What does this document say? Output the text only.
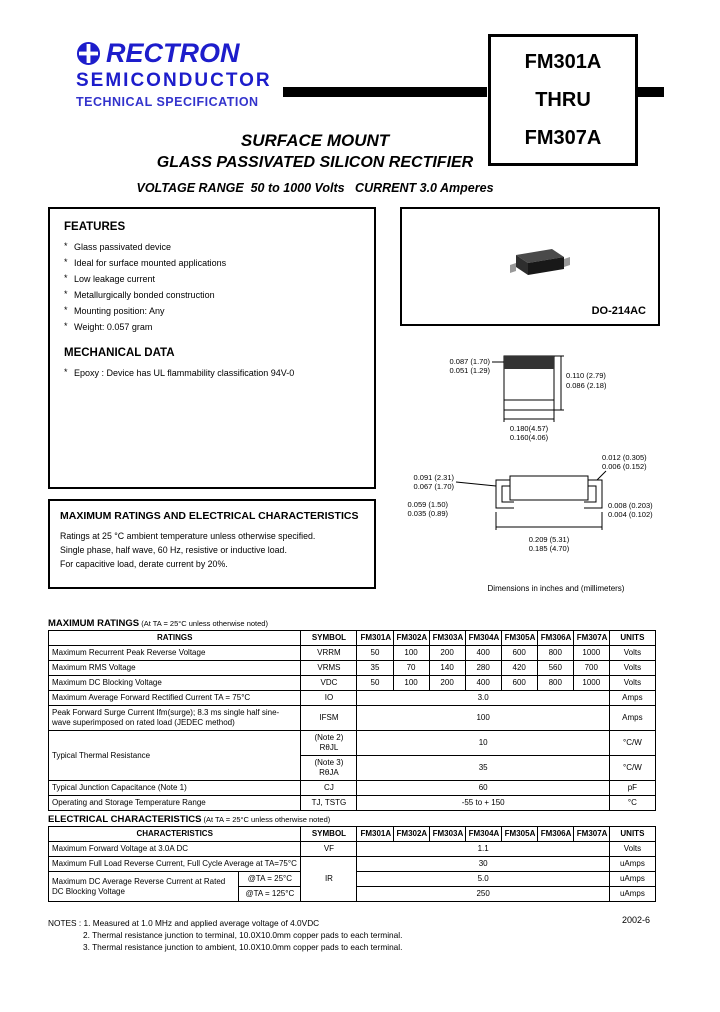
RECTRON
SEMICONDUCTOR
TECHNICAL SPECIFICATION
FM301A
THRU
FM307A
SURFACE MOUNT
GLASS PASSIVATED SILICON RECTIFIER
VOLTAGE RANGE  50 to 1000 Volts   CURRENT 3.0 Amperes
FEATURES
* Glass passivated device
* Ideal for surface mounted applications
* Low leakage current
* Metallurgically bonded construction
* Mounting position: Any
* Weight: 0.057 gram
MECHANICAL DATA
* Epoxy : Device has UL flammability classification 94V-0
DO-214AC
0.087 (1.70)
0.051 (1.29)
0.110 (2.79)
0.086 (2.18)
0.180(4.57)
0.160(4.06)
0.091 (2.31)
0.067 (1.70)
0.059 (1.50)
0.035 (0.89)
0.012 (0.305)
0.006 (0.152)
0.008 (0.203)
0.004 (0.102)
0.209 (5.31)
0.185 (4.70)
Dimensions in inches and (millimeters)
MAXIMUM RATINGS AND ELECTRICAL CHARACTERISTICS
Ratings at 25 °C ambient temperature unless otherwise specified.
Single phase, half wave, 60 Hz, resistive or inductive load.
For capacitive load, derate current by 20%.
MAXIMUM RATINGS (At TA = 25°C unless otherwise noted)
RATINGS	SYMBOL	FM301A	FM302A	FM303A	FM304A	FM305A	FM306A	FM307A	UNITS
Maximum Recurrent Peak Reverse Voltage	VRRM	50	100	200	400	600	800	1000	Volts
Maximum RMS Voltage	VRMS	35	70	140	280	420	560	700	Volts
Maximum DC Blocking Voltage	VDC	50	100	200	400	600	800	1000	Volts
Maximum Average Forward Rectified Current TA = 75°C	IO	3.0							Amps
Peak Forward Surge Current Ifm(surge); 8.3 ms single half sine-wave superimposed on rated load (JEDEC method)	IFSM	100							Amps
Typical Thermal Resistance	(Note 2) RθJL	10							°C/W
	(Note 3) RθJA	35							°C/W
Typical Junction Capacitance (Note 1)	CJ	60							pF
Operating and Storage Temperature Range	TJ, TSTG	-55 to + 150							°C
ELECTRICAL CHARACTERISTICS (At TA = 25°C unless otherwise noted)
CHARACTERISTICS		SYMBOL	FM301A	FM302A	FM303A	FM304A	FM305A	FM306A	FM307A	UNITS
Maximum Forward Voltage at 3.0A DC		VF	1.1							Volts
Maximum Full Load Reverse Current, Full Cycle Average at TA=75°C		IR	30							uAmps
Maximum DC Average Reverse Current at Rated DC Blocking Voltage	@TA = 25°C		5.0							uAmps
	@TA = 125°C		250							uAmps
NOTES : 1. Measured at 1.0 MHz and applied average voltage of 4.0VDC
2. Thermal resistance junction to terminal, 10.0X10.0mm copper pads to each terminal.
3. Thermal resistance junction to ambient, 10.0X10.0mm copper pads to each terminal.
2002-6
